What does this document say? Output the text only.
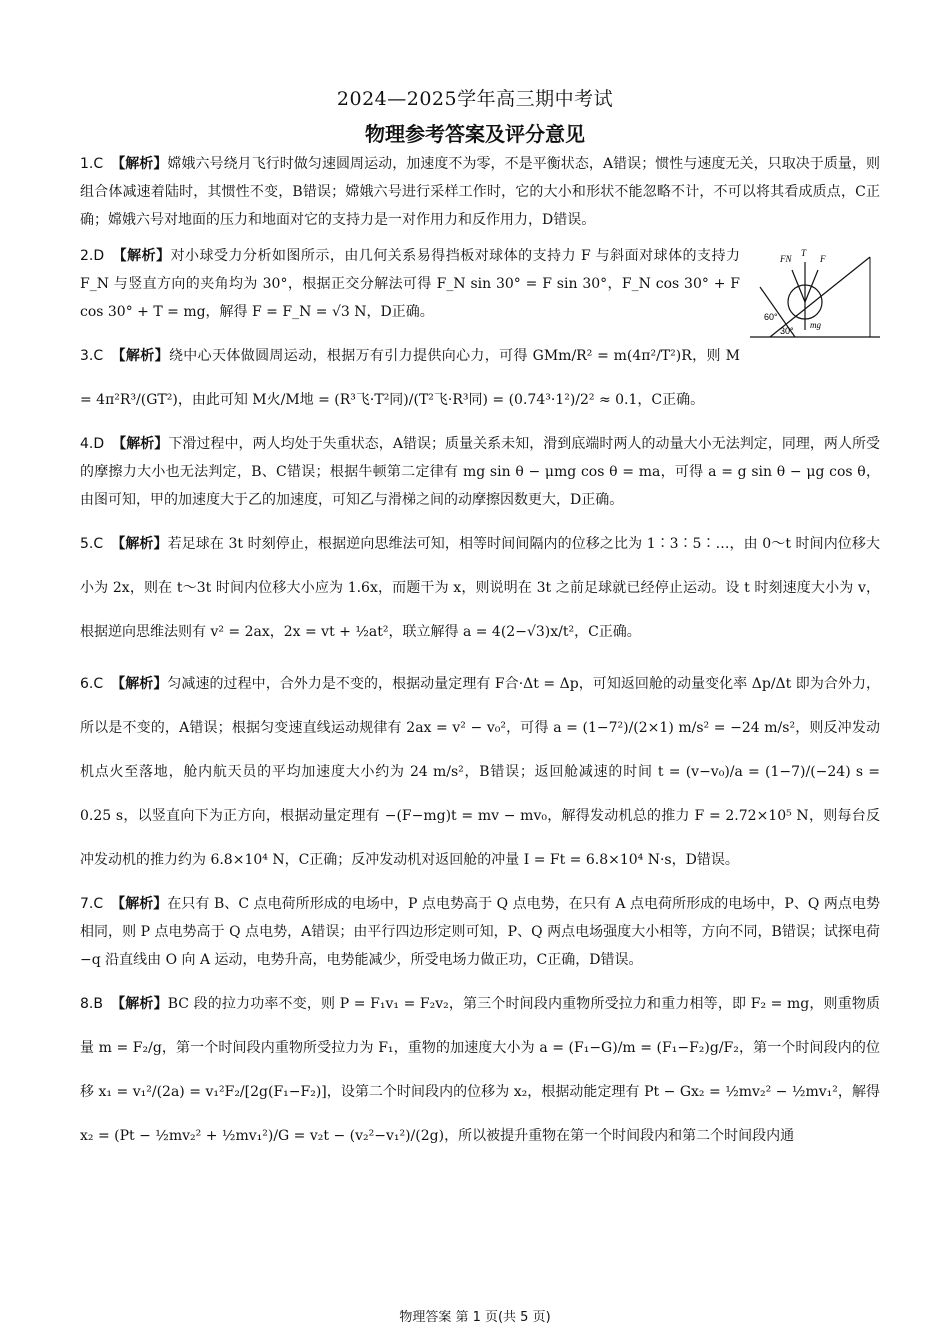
2024—2025学年高三期中考试
物理参考答案及评分意见
1.C 【解析】嫦娥六号绕月飞行时做匀速圆周运动，加速度不为零，不是平衡状态，A错误；惯性与速度无关，只取决于质量，则组合体减速着陆时，其惯性不变，B错误；嫦娥六号进行采样工作时，它的大小和形状不能忽略不计，不可以将其看成质点，C正确；嫦娥六号对地面的压力和地面对它的支持力是一对作用力和反作用力，D错误。
FN
T
F
60°
mg
30°
2.D 【解析】对小球受力分析如图所示，由几何关系易得挡板对球体的支持力 F 与斜面对球体的支持力 F_N 与竖直方向的夹角均为 30°，根据正交分解法可得 F_N sin 30° = F sin 30°，F_N cos 30° + F cos 30° + T = mg，解得 F = F_N = √3 N，D正确。
3.C 【解析】绕中心天体做圆周运动，根据万有引力提供向心力，可得 GMm/R² = m(4π²/T²)R，则 M = 4π²R³/(GT²)，由此可知 M火/M地 = (R³飞·T²同)/(T²飞·R³同) = (0.74³·1²)/2² ≈ 0.1，C正确。
4.D 【解析】下滑过程中，两人均处于失重状态，A错误；质量关系未知，滑到底端时两人的动量大小无法判定，同理，两人所受的摩擦力大小也无法判定，B、C错误；根据牛顿第二定律有 mg sin θ − μmg cos θ = ma，可得 a = g sin θ − μg cos θ，由图可知，甲的加速度大于乙的加速度，可知乙与滑梯之间的动摩擦因数更大，D正确。
5.C 【解析】若足球在 3t 时刻停止，根据逆向思维法可知，相等时间间隔内的位移之比为 1∶3∶5∶…，由 0～t 时间内位移大小为 2x，则在 t～3t 时间内位移大小应为 1.6x，而题干为 x，则说明在 3t 之前足球就已经停止运动。设 t 时刻速度大小为 v，根据逆向思维法则有 v² = 2ax，2x = vt + ½at²，联立解得 a = 4(2−√3)x/t²，C正确。
6.C 【解析】匀减速的过程中，合外力是不变的，根据动量定理有 F合·Δt = Δp，可知返回舱的动量变化率 Δp/Δt 即为合外力，所以是不变的，A错误；根据匀变速直线运动规律有 2ax = v² − v₀²，可得 a = (1−7²)/(2×1) m/s² = −24 m/s²，则反冲发动机点火至落地，舱内航天员的平均加速度大小约为 24 m/s²，B错误；返回舱减速的时间 t = (v−v₀)/a = (1−7)/(−24) s = 0.25 s，以竖直向下为正方向，根据动量定理有 −(F−mg)t = mv − mv₀，解得发动机总的推力 F = 2.72×10⁵ N，则每台反冲发动机的推力约为 6.8×10⁴ N，C正确；反冲发动机对返回舱的冲量 I = Ft = 6.8×10⁴ N·s，D错误。
7.C 【解析】在只有 B、C 点电荷所形成的电场中，P 点电势高于 Q 点电势，在只有 A 点电荷所形成的电场中，P、Q 两点电势相同，则 P 点电势高于 Q 点电势，A错误；由平行四边形定则可知，P、Q 两点电场强度大小相等，方向不同，B错误；试探电荷 −q 沿直线由 O 向 A 运动，电势升高，电势能减少，所受电场力做正功，C正确，D错误。
8.B 【解析】BC 段的拉力功率不变，则 P = F₁v₁ = F₂v₂，第三个时间段内重物所受拉力和重力相等，即 F₂ = mg，则重物质量 m = F₂/g，第一个时间段内重物所受拉力为 F₁，重物的加速度大小为 a = (F₁−G)/m = (F₁−F₂)g/F₂，第一个时间段内的位移 x₁ = v₁²/(2a) = v₁²F₂/[2g(F₁−F₂)]，设第二个时间段内的位移为 x₂，根据动能定理有 Pt − Gx₂ = ½mv₂² − ½mv₁²，解得 x₂ = (Pt − ½mv₂² + ½mv₁²)/G = v₂t − (v₂²−v₁²)/(2g)，所以被提升重物在第一个时间段内和第二个时间段内通
物理答案 第 1 页(共 5 页)
